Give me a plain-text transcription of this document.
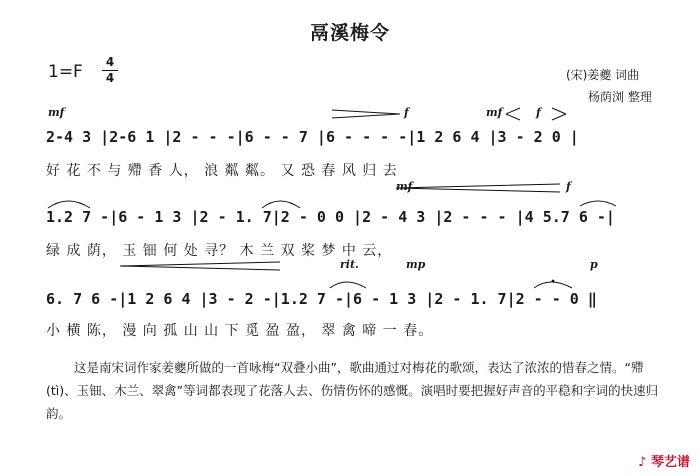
鬲溪梅令
1=F	4
4	(宋)姜夔 词曲
杨荫浏 整理
mf	f	mf	f
mf	f
rit.	mp	p
2-4 3 |2-6 1 |2 - - -|6 - - 7 |6 - - - -|1 2 6 4 |3 - 2 0 |
好 花 不 与 殢 香 人， 浪 粼 粼。 又 恐 春 风 归 去
1.2 7 -|6 - 1 3 |2 - 1. 7|2 - 0 0 |2 - 4 3 |2 - - - |4 5.7 6 -|
绿 成 荫， 玉 钿 何 处 寻？ 木 兰 双 桨 梦 中 云，
6. 7 6 -|1 2 6 4 |3 - 2 -|1.2 7 -|6 - 1 3 |2 - 1. 7|2 - - 0 ‖
小 横 陈， 漫 向 孤 山 山 下 觅 盈 盈， 翠 禽 啼 一 春。
这是南宋词作家姜夔所做的一首咏梅“双叠小曲”，歌曲通过对梅花的歌颂，表达了浓浓的惜春之情。“殢(tì)、玉钿、木兰、翠禽”等词都表现了花落人去、伤情伤怀的感慨。演唱时要把握好声音的平稳和字词的快速归韵。
♪ 琴艺谱
